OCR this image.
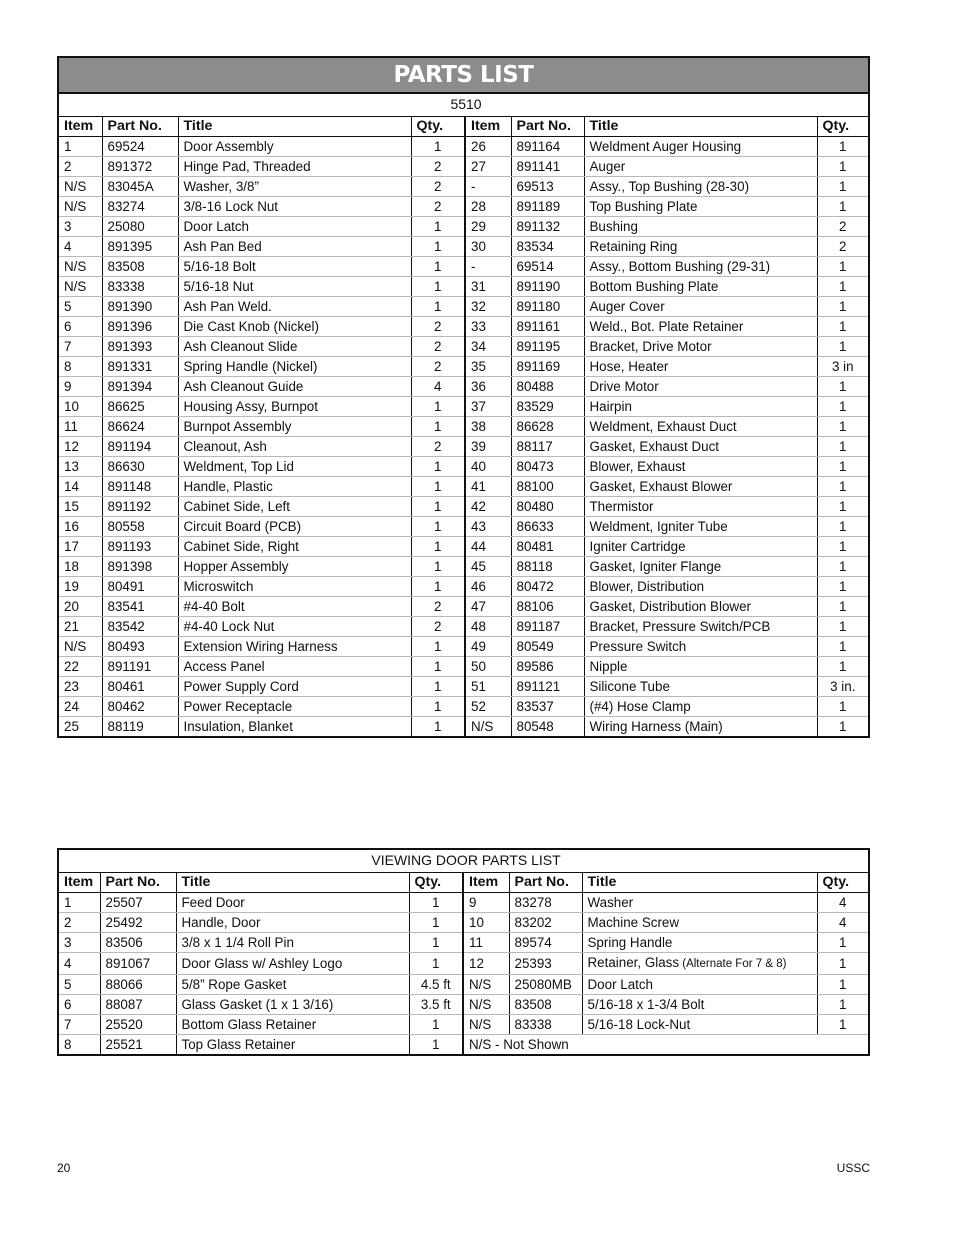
PARTS LIST
5510							
Item	Part No.	Title	Qty.	Item	Part No.	Title	Qty.
1	69524	Door Assembly	1	26	891164	Weldment Auger Housing	1
2	891372	Hinge Pad, Threaded	2	27	891141	Auger	1
N/S	83045A	Washer, 3/8”	2	-	69513	Assy., Top Bushing (28-30)	1
N/S	83274	3/8-16 Lock Nut	2	28	891189	Top Bushing Plate	1
3	25080	Door Latch	1	29	891132	Bushing	2
4	891395	Ash Pan Bed	1	30	83534	Retaining Ring	2
N/S	83508	5/16-18 Bolt	1	-	69514	Assy., Bottom Bushing (29-31)	1
N/S	83338	5/16-18 Nut	1	31	891190	Bottom Bushing Plate	1
5	891390	Ash Pan Weld.	1	32	891180	Auger Cover	1
6	891396	Die Cast Knob (Nickel)	2	33	891161	Weld., Bot. Plate Retainer	1
7	891393	Ash Cleanout Slide	2	34	891195	Bracket, Drive Motor	1
8	891331	Spring Handle (Nickel)	2	35	891169	Hose, Heater	3 in
9	891394	Ash Cleanout Guide	4	36	80488	Drive Motor	1
10	86625	Housing Assy, Burnpot	1	37	83529	Hairpin	1
11	86624	Burnpot Assembly	1	38	86628	Weldment, Exhaust Duct	1
12	891194	Cleanout, Ash	2	39	88117	Gasket, Exhaust Duct	1
13	86630	Weldment, Top Lid	1	40	80473	Blower, Exhaust	1
14	891148	Handle, Plastic	1	41	88100	Gasket, Exhaust Blower	1
15	891192	Cabinet Side, Left	1	42	80480	Thermistor	1
16	80558	Circuit Board (PCB)	1	43	86633	Weldment, Igniter Tube	1
17	891193	Cabinet Side, Right	1	44	80481	Igniter Cartridge	1
18	891398	Hopper Assembly	1	45	88118	Gasket, Igniter Flange	1
19	80491	Microswitch	1	46	80472	Blower, Distribution	1
20	83541	#4-40 Bolt	2	47	88106	Gasket, Distribution Blower	1
21	83542	#4-40 Lock Nut	2	48	891187	Bracket, Pressure Switch/PCB	1
N/S	80493	Extension Wiring Harness	1	49	80549	Pressure Switch	1
22	891191	Access Panel	1	50	89586	Nipple	1
23	80461	Power Supply Cord	1	51	891121	Silicone Tube	3 in.
24	80462	Power Receptacle	1	52	83537	(#4) Hose Clamp	1
25	88119	Insulation, Blanket	1	N/S	80548	Wiring Harness (Main)	1
VIEWING DOOR PARTS LIST							
Item	Part No.	Title	Qty.	Item	Part No.	Title	Qty.
1	25507	Feed Door	1	9	83278	Washer	4
2	25492	Handle, Door	1	10	83202	Machine Screw	4
3	83506	3/8 x 1 1/4 Roll Pin	1	11	89574	Spring Handle	1
4	891067	Door Glass w/ Ashley Logo	1	12	25393	Retainer, Glass (Alternate For 7 & 8)	1
5	88066	5/8” Rope Gasket	4.5 ft	N/S	25080MB	Door Latch	1
6	88087	Glass Gasket (1 x 1 3/16)	3.5 ft	N/S	83508	5/16-18 x 1-3/4 Bolt	1
7	25520	Bottom Glass Retainer	1	N/S	83338	5/16-18 Lock-Nut	1
8	25521	Top Glass Retainer	1	N/S - Not Shown			
20	USSC
